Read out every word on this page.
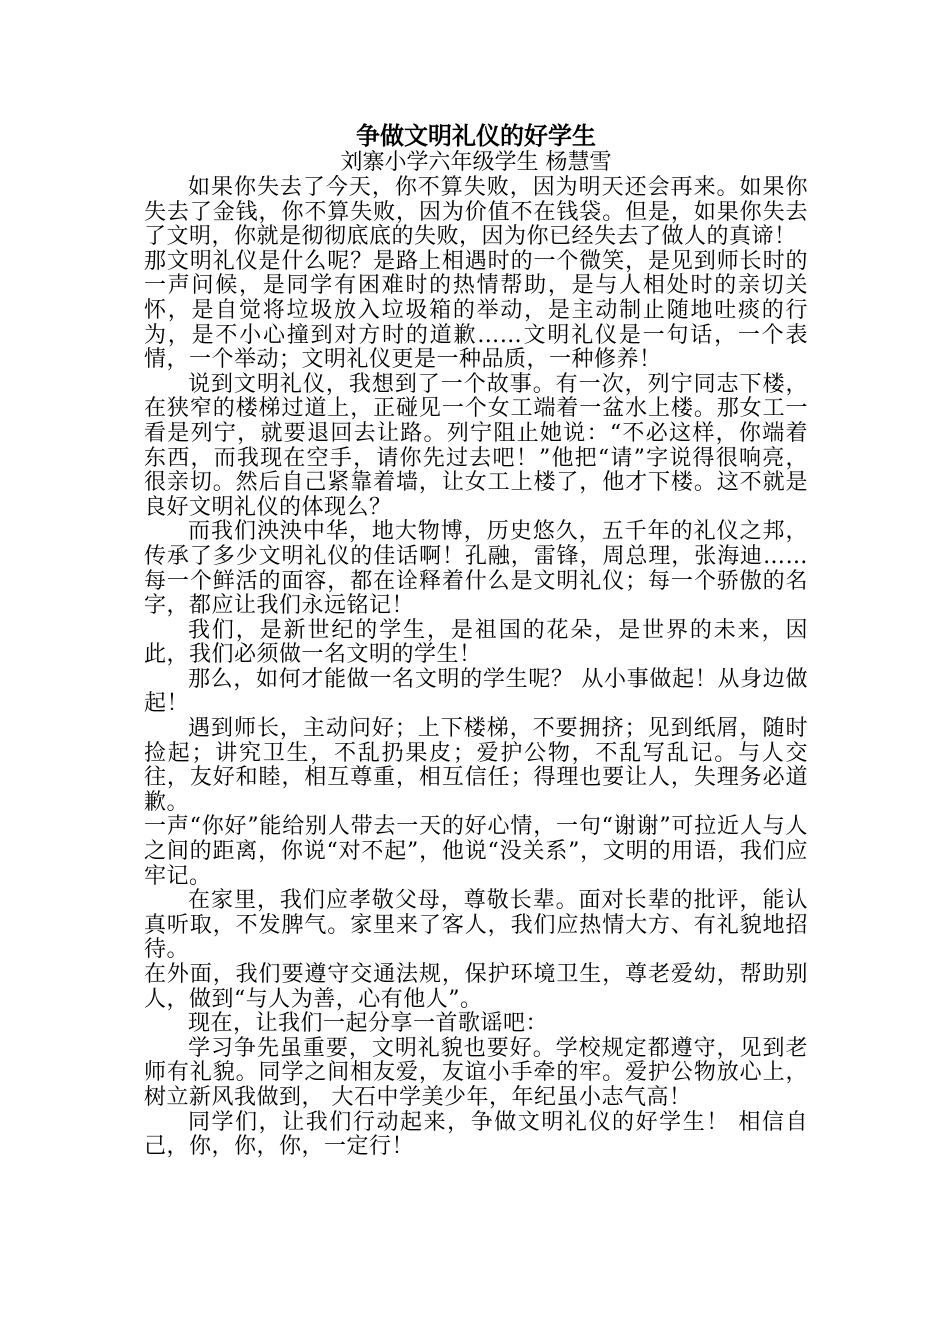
争做文明礼仪的好学生

刘寨小学六年级学生 杨慧雪

如果你失去了今天，你不算失败，因为明天还会再来。如果你失去了金钱，你不算失败，因为价值不在钱袋。但是，如果你失去了文明，你就是彻彻底底的失败，因为你已经失去了做人的真谛！

那文明礼仪是什么呢？是路上相遇时的一个微笑，是见到师长时的一声问候，是同学有困难时的热情帮助，是与人相处时的亲切关怀，是自觉将垃圾放入垃圾箱的举动，是主动制止随地吐痰的行为，是不小心撞到对方时的道歉……文明礼仪是一句话，一个表情，一个举动；文明礼仪更是一种品质，一种修养！

说到文明礼仪，我想到了一个故事。有一次，列宁同志下楼，在狭窄的楼梯过道上，正碰见一个女工端着一盆水上楼。那女工一看是列宁，就要退回去让路。列宁阻止她说：“不必这样，你端着东西，而我现在空手，请你先过去吧！”他把“请”字说得很响亮，很亲切。然后自己紧靠着墙，让女工上楼了，他才下楼。这不就是良好文明礼仪的体现么？

而我们泱泱中华，地大物博，历史悠久，五千年的礼仪之邦，传承了多少文明礼仪的佳话啊！孔融，雷锋，周总理，张海迪……每一个鲜活的面容，都在诠释着什么是文明礼仪；每一个骄傲的名字，都应让我们永远铭记！

我们，是新世纪的学生，是祖国的花朵，是世界的未来，因此，我们必须做一名文明的学生！

那么，如何才能做一名文明的学生呢？ 从小事做起！从身边做起！

遇到师长，主动问好；上下楼梯，不要拥挤；见到纸屑，随时捡起；讲究卫生，不乱扔果皮；爱护公物，不乱写乱记。与人交往，友好和睦，相互尊重，相互信任；得理也要让人，失理务必道歉。

一声“你好”能给别人带去一天的好心情，一句“谢谢”可拉近人与人之间的距离，你说“对不起”，他说“没关系”，文明的用语，我们应牢记。

在家里，我们应孝敬父母，尊敬长辈。面对长辈的批评，能认真听取，不发脾气。家里来了客人，我们应热情大方、有礼貌地招待。

在外面，我们要遵守交通法规，保护环境卫生，尊老爱幼，帮助别人，做到“与人为善，心有他人”。

现在，让我们一起分享一首歌谣吧：

学习争先虽重要，文明礼貌也要好。学校规定都遵守，见到老师有礼貌。同学之间相友爱，友谊小手牵的牢。爱护公物放心上，树立新风我做到， 大石中学美少年，年纪虽小志气高！

同学们，让我们行动起来，争做文明礼仪的好学生！ 相信自己，你，你，你，一定行！
